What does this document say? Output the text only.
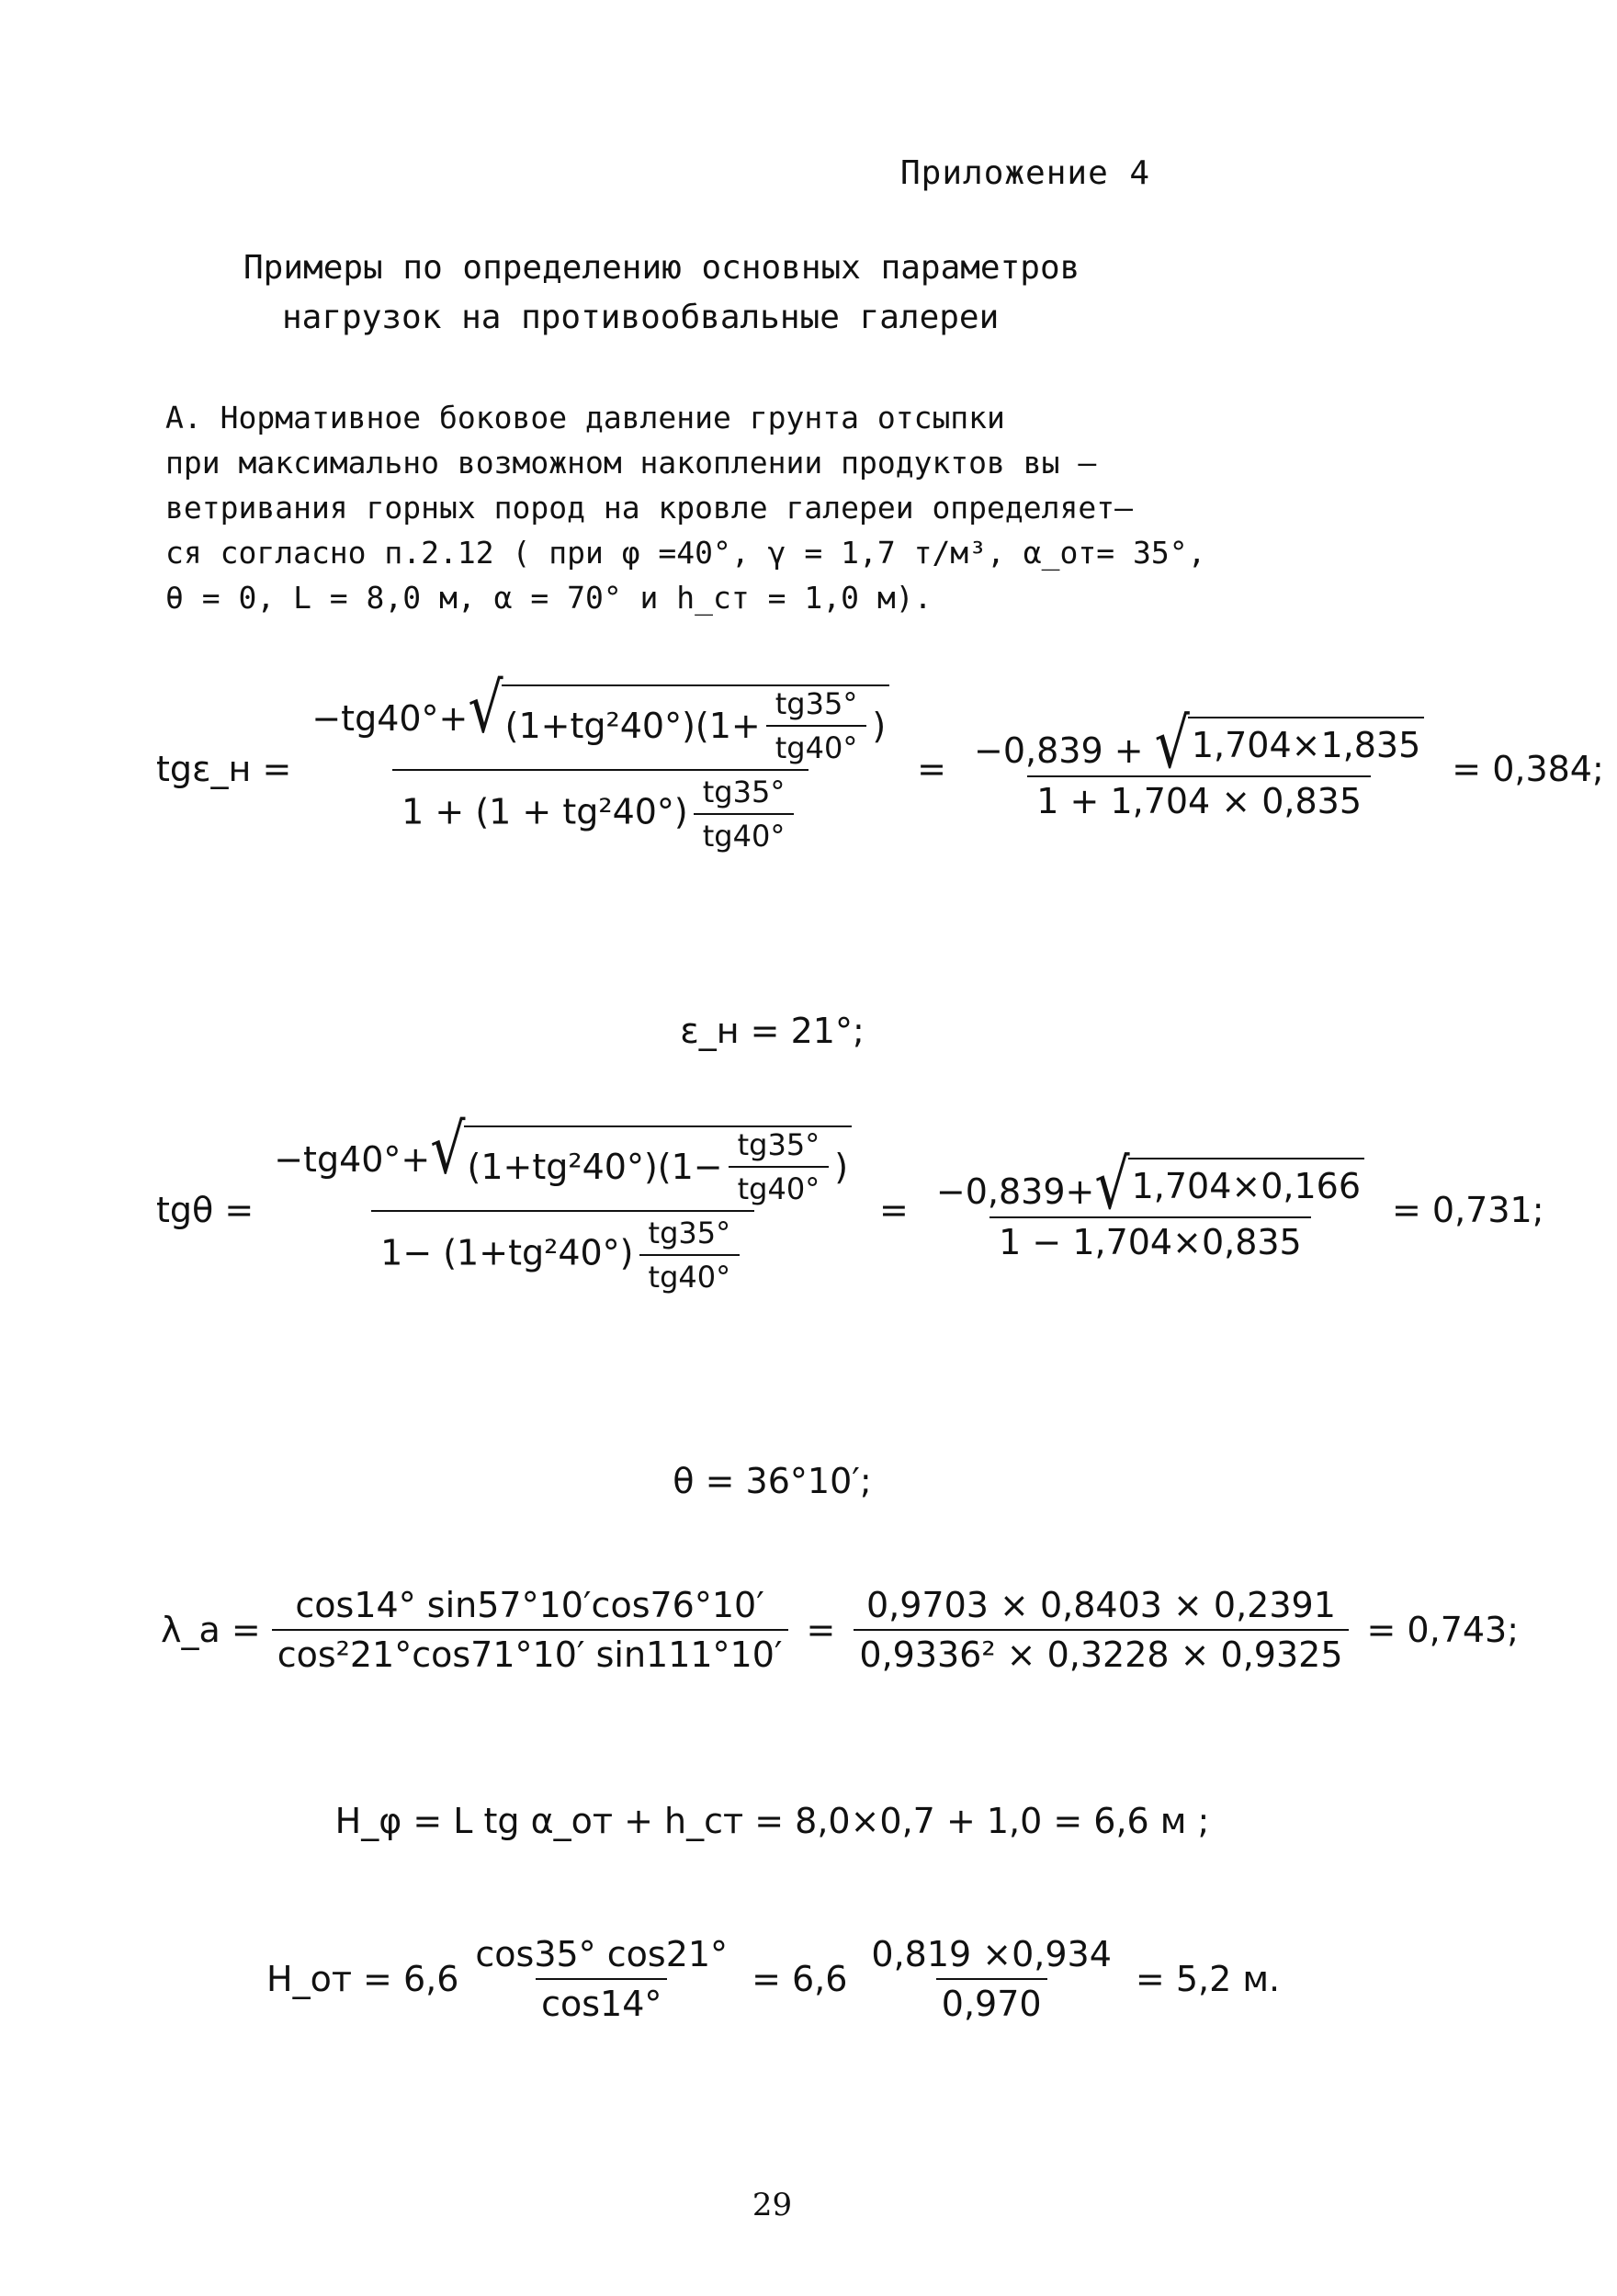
Приложение 4
Примеры по определению основных параметров
нагрузок на противообвальные галереи
А. Нормативное боковое давление грунта отсыпки
при максимально возможном накоплении продуктов вы –
ветривания горных пород на кровле галереи определяет–
ся согласно п.2.12 ( при φ =40°, γ = 1,7 т/м³, α_от= 35°,
θ = 0, L = 8,0 м, α = 70° и h_ст = 1,0 м).
tgε_н = $\frac{-tg40^\circ+ √ (1+tg^240^\circ)(1+ \frac{tg35^\circ}{tg40^\circ} )}{1 + (1 + tg^240^\circ) \frac{tg35^\circ}{tg40^\circ}} = \frac{-0,839 + √ 1,704\times 1,835}{1 + 1,704 \times 0,835} = 0,384$;
ε_н = 21°;
$tg\theta = \frac{-tg40^\circ+ √ (1+tg^240^\circ)(1- \frac{tg35^\circ}{tg40^\circ} )}{1- (1+tg^240^\circ) \frac{tg35^\circ}{tg40^\circ}} = \frac{-0,839+ √ 1,704\times 0,166}{1 - 1,704\times 0,835} = 0,731$;
θ = 36°10′;
λ_a = $\frac{\cos 14^\circ \sin 57^\circ 10'\cos 76^\circ 10'}{\text{cos²21°cos71°10′ sin111°10′}} = \frac{0,9703 \times 0,8403 \times 0,2391}{\text{0,9336² × 0,3228 × 0,9325}} = 0,743$;
H_φ = L tg α_от + h_ст = 8,0×0,7 + 1,0 = 6,6 м ;
H_от = $6,6 \frac{\cos 35^\circ \cos 21^\circ}{\cos 14^\circ} = 6,6 \frac{0,819 \times 0,934}{0,970} = 5,2$ м.
29
